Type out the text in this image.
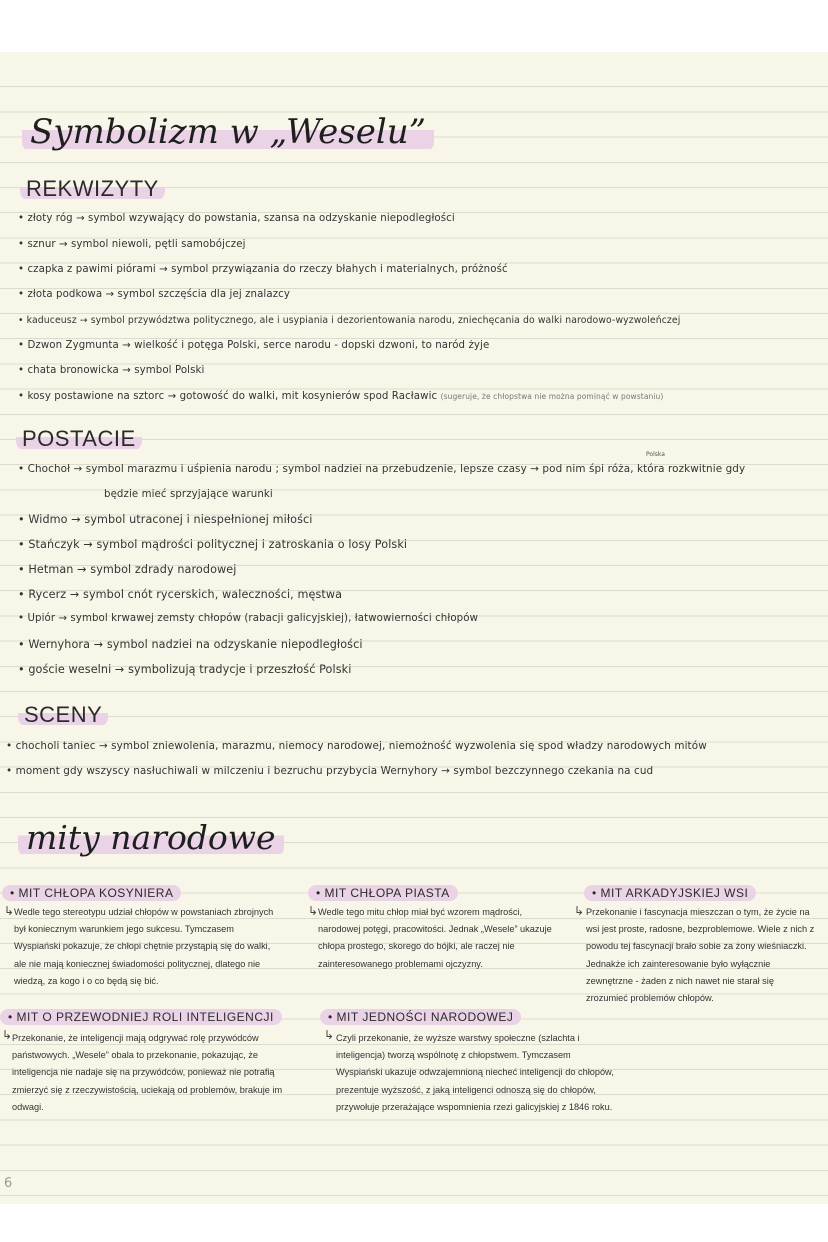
Symbolizm w „Weselu”
REKWIZYTY
• złoty róg → symbol wzywający do powstania, szansa na odzyskanie niepodległości
• sznur → symbol niewoli, pętli samobójczej
• czapka z pawimi piórami → symbol przywiązania do rzeczy błahych i materialnych, próżność
• złota podkowa → symbol szczęścia dla jej znalazcy
• kaduceusz → symbol przywództwa politycznego, ale i usypiania i dezorientowania narodu, zniechęcania do walki narodowo-wyzwoleńczej
• Dzwon Zygmunta → wielkość i potęga Polski, serce narodu - dopski dzwoni, to naród żyje
• chata bronowicka → symbol Polski
• kosy postawione na sztorc → gotowość do walki, mit kosynierów spod Racławic (sugeruje, że chłopstwa nie można pominąć w powstaniu)
POSTACIE
Polska
• Chochoł → symbol marazmu i uśpienia narodu ; symbol nadziei na przebudzenie, lepsze czasy → pod nim śpi róża, która rozkwitnie gdy
będzie mieć sprzyjające warunki
• Widmo → symbol utraconej i niespełnionej miłości
• Stańczyk → symbol mądrości politycznej i zatroskania o losy Polski
• Hetman → symbol zdrady narodowej
• Rycerz → symbol cnót rycerskich, waleczności, męstwa
• Upiór → symbol krwawej zemsty chłopów (rabacji galicyjskiej), łatwowierności chłopów
• Wernyhora → symbol nadziei na odzyskanie niepodległości
• goście weselni → symbolizują tradycje i przeszłość Polski
SCENY
• chocholi taniec → symbol zniewolenia, marazmu, niemocy narodowej, niemożność wyzwolenia się spod władzy narodowych mitów
• moment gdy wszyscy nasłuchiwali w milczeniu i bezruchu przybycia Wernyhory → symbol bezczynnego czekania na cud
mity narodowe
• MIT CHŁOPA KOSYNIERA
↳ Wedle tego stereotypu udział chłopów w powstaniach zbrojnych był koniecznym warunkiem jego sukcesu. Tymczasem Wyspiański pokazuje, że chłopi chętnie przystąpią się do walki, ale nie mają koniecznej świadomości politycznej, dlatego nie wiedzą, za kogo i o co będą się bić.
• MIT CHŁOPA PIASTA
↳ Wedle tego mitu chłop miał być wzorem mądrości, narodowej potęgi, pracowitości. Jednak „Wesele” ukazuje chłopa prostego, skorego do bójki, ale raczej nie zainteresowanego problemami ojczyzny.
• MIT ARKADYJSKIEJ WSI
↳ Przekonanie i fascynacja mieszczan o tym, że życie na wsi jest proste, radosne, bezproblemowe. Wiele z nich z powodu tej fascynacji brało sobie za żony wieśniaczki. Jednakże ich zainteresowanie było wyłącznie zewnętrzne - żaden z nich nawet nie starał się zrozumieć problemów chłopów.
• MIT O PRZEWODNIEJ ROLI INTELIGENCJI
↳ Przekonanie, że inteligencji mają odgrywać rolę przywódców państwowych. „Wesele” obala to przekonanie, pokazując, że inteligencja nie nadaje się na przywódców, ponieważ nie potrafią zmierzyć się z rzeczywistością, uciekają od problemów, brakuje im odwagi.
• MIT JEDNOŚCI NARODOWEJ
↳ Czyli przekonanie, że wyższe warstwy społeczne (szlachta i inteligencja) tworzą wspólnotę z chłopstwem. Tymczasem Wyspiański ukazuje odwzajemnioną niecheć inteligencji do chłopów, prezentuje wyższość, z jaką inteligenci odnoszą się do chłopów, przywołuje przerażające wspomnienia rzezi galicyjskiej z 1846 roku.
6
